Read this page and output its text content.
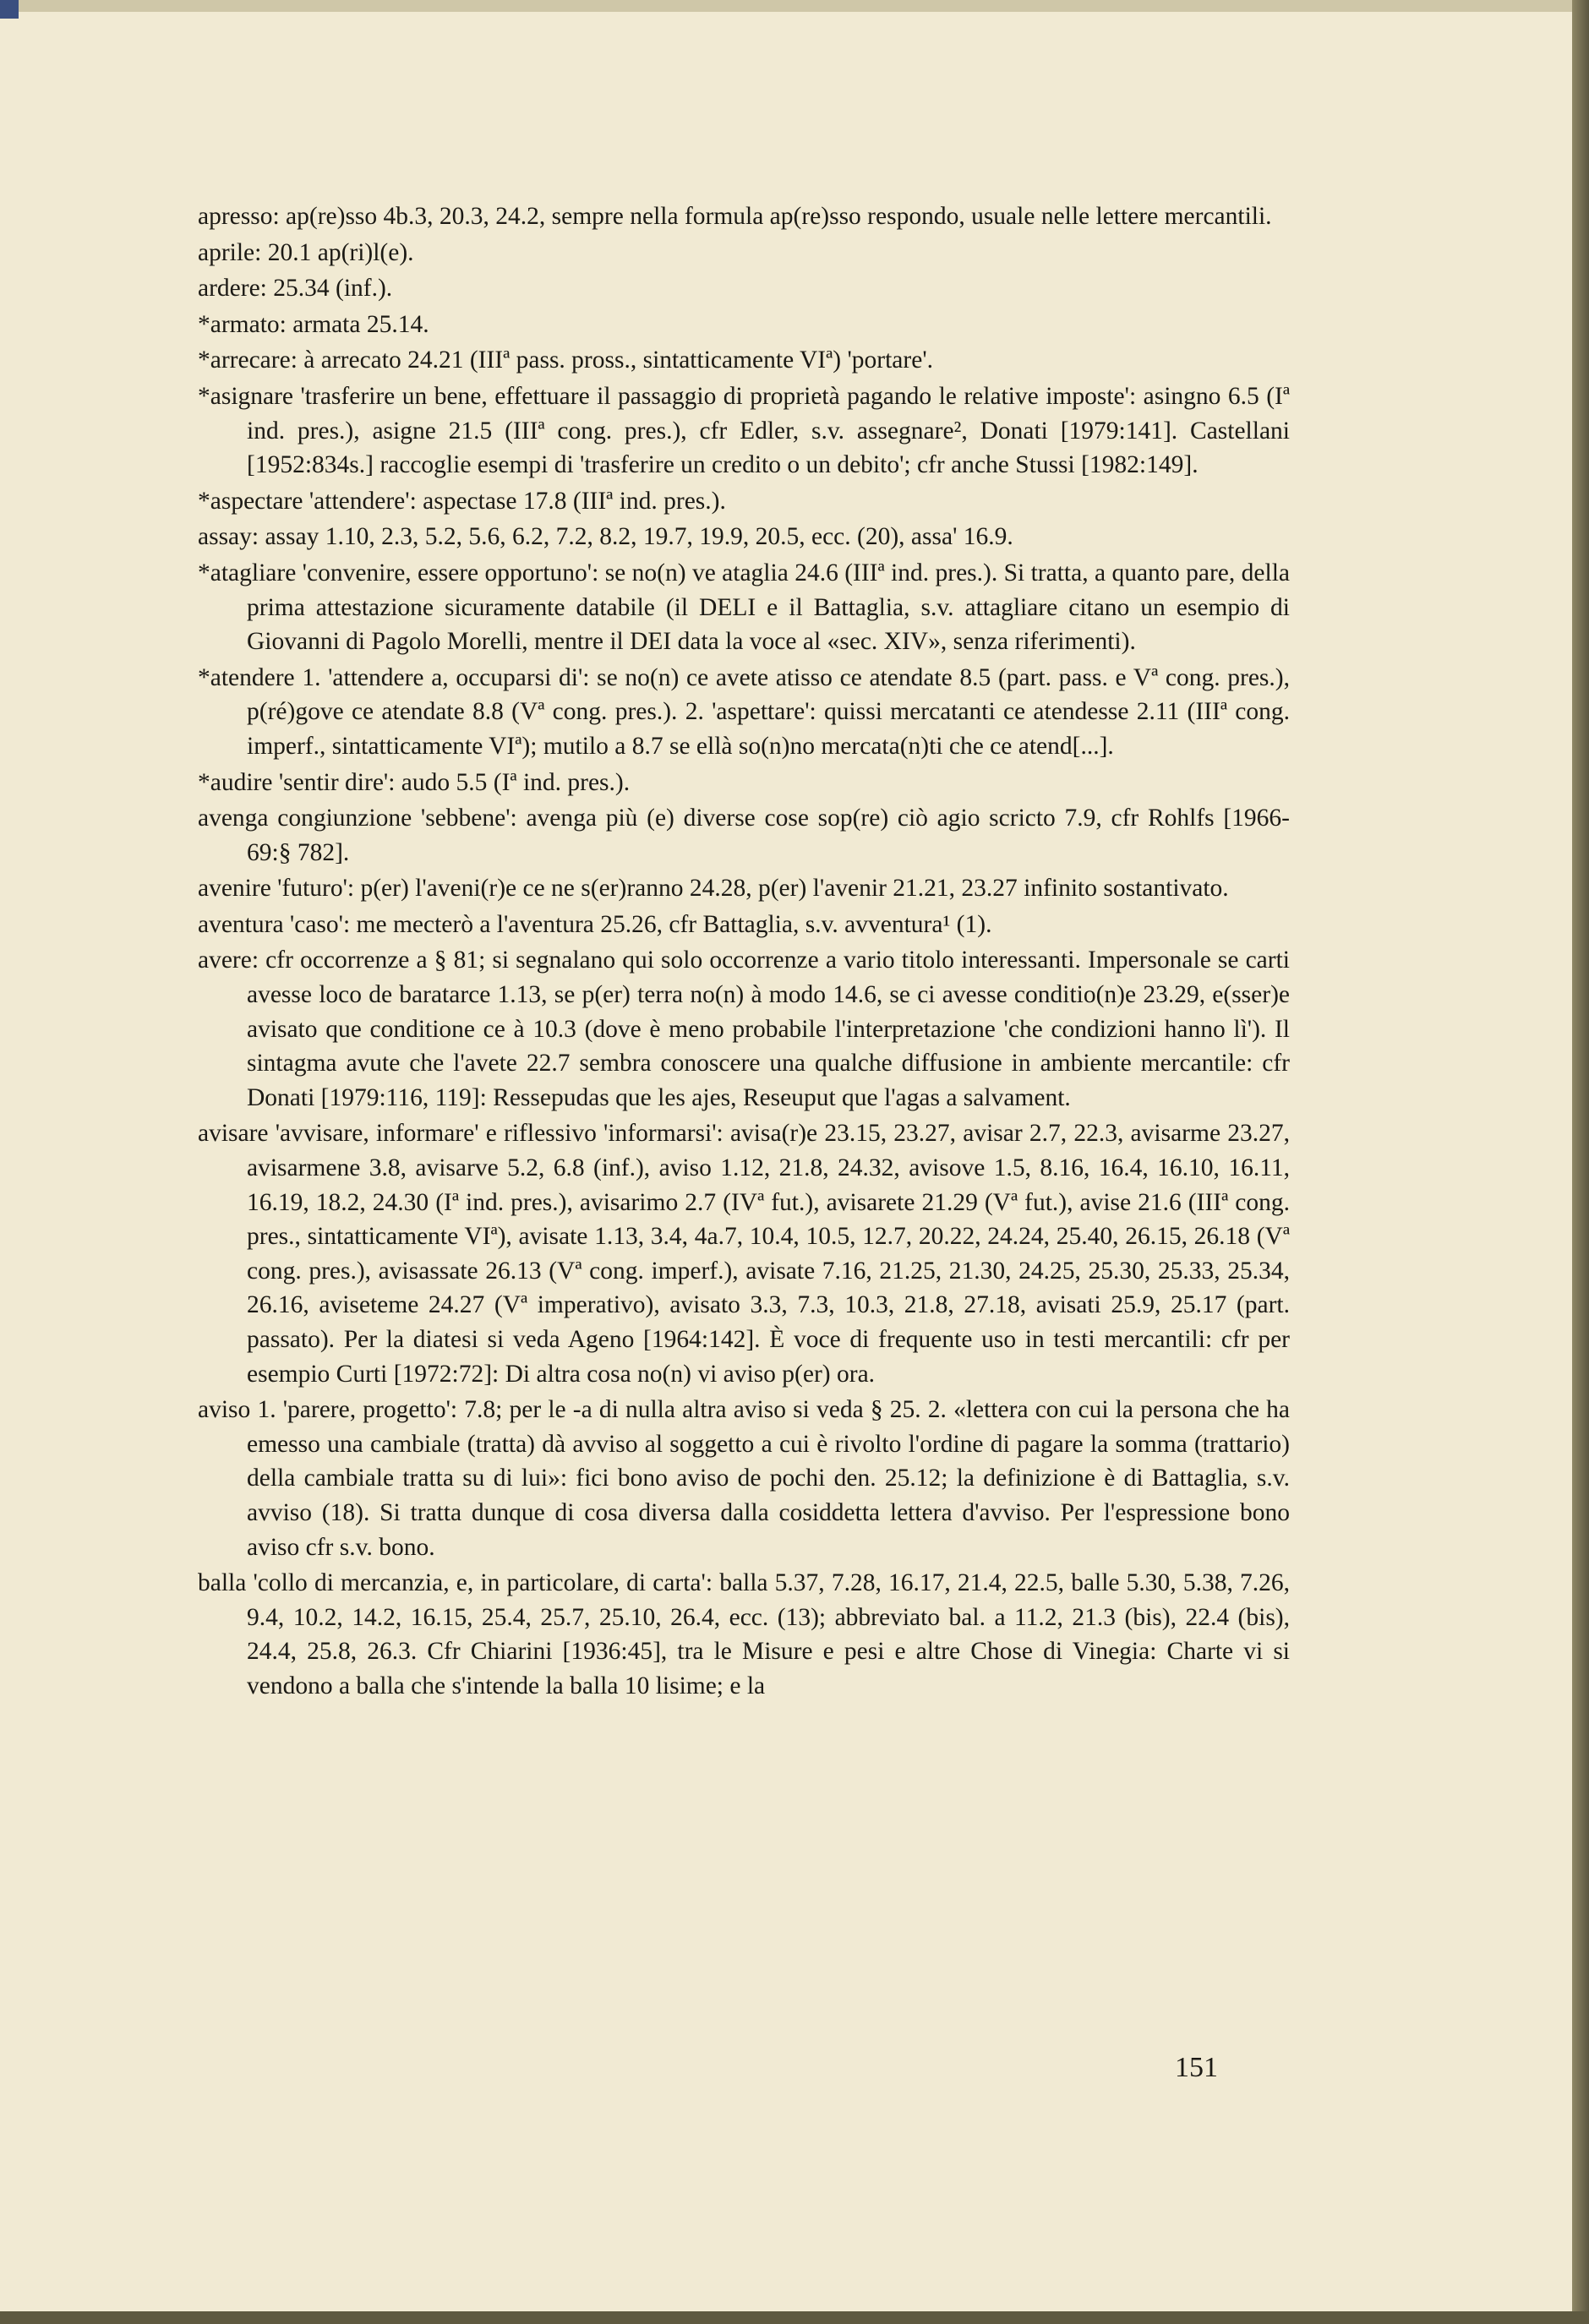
apresso: ap(re)sso 4b.3, 20.3, 24.2, sempre nella formula ap(re)sso respondo, usuale nelle lettere mercantili.

aprile: 20.1 ap(ri)l(e).

ardere: 25.34 (inf.).

*armato: armata 25.14.

*arrecare: à arrecato 24.21 (IIIª pass. pross., sintatticamente VIª) 'portare'.

*asignare 'trasferire un bene, effettuare il passaggio di proprietà pagando le relative imposte': asingno 6.5 (Iª ind. pres.), asigne 21.5 (IIIª cong. pres.), cfr Edler, s.v. assegnare², Donati [1979:141]. Castellani [1952:834s.] raccoglie esempi di 'trasferire un credito o un debito'; cfr anche Stussi [1982:149].

*aspectare 'attendere': aspectase 17.8 (IIIª ind. pres.).

assay: assay 1.10, 2.3, 5.2, 5.6, 6.2, 7.2, 8.2, 19.7, 19.9, 20.5, ecc. (20), assa' 16.9.

*atagliare 'convenire, essere opportuno': se no(n) ve ataglia 24.6 (IIIª ind. pres.). Si tratta, a quanto pare, della prima attestazione sicuramente databile (il DELI e il Battaglia, s.v. attagliare citano un esempio di Giovanni di Pagolo Morelli, mentre il DEI data la voce al «sec. XIV», senza riferimenti).

*atendere 1. 'attendere a, occuparsi di': se no(n) ce avete atisso ce atendate 8.5 (part. pass. e Vª cong. pres.), p(ré)gove ce atendate 8.8 (Vª cong. pres.). 2. 'aspettare': quissi mercatanti ce atendesse 2.11 (IIIª cong. imperf., sintatticamente VIª); mutilo a 8.7 se ellà so(n)no mercata(n)ti che ce atend[...].

*audire 'sentir dire': audo 5.5 (Iª ind. pres.).

avenga congiunzione 'sebbene': avenga più (e) diverse cose sop(re) ciò agio scricto 7.9, cfr Rohlfs [1966-69:§ 782].

avenire 'futuro': p(er) l'aveni(r)e ce ne s(er)ranno 24.28, p(er) l'avenir 21.21, 23.27 infinito sostantivato.

aventura 'caso': me mecterò a l'aventura 25.26, cfr Battaglia, s.v. avventura¹ (1).

avere: cfr occorrenze a § 81; si segnalano qui solo occorrenze a vario titolo interessanti. Impersonale se carti avesse loco de baratarce 1.13, se p(er) terra no(n) à modo 14.6, se ci avesse conditio(n)e 23.29, e(sser)e avisato que conditione ce à 10.3 (dove è meno probabile l'interpretazione 'che condizioni hanno lì'). Il sintagma avute che l'avete 22.7 sembra conoscere una qualche diffusione in ambiente mercantile: cfr Donati [1979:116, 119]: Ressepudas que les ajes, Reseuput que l'agas a salvament.

avisare 'avvisare, informare' e riflessivo 'informarsi': avisa(r)e 23.15, 23.27, avisar 2.7, 22.3, avisarme 23.27, avisarmene 3.8, avisarve 5.2, 6.8 (inf.), aviso 1.12, 21.8, 24.32, avisove 1.5, 8.16, 16.4, 16.10, 16.11, 16.19, 18.2, 24.30 (Iª ind. pres.), avisarimo 2.7 (IVª fut.), avisarete 21.29 (Vª fut.), avise 21.6 (IIIª cong. pres., sintatticamente VIª), avisate 1.13, 3.4, 4a.7, 10.4, 10.5, 12.7, 20.22, 24.24, 25.40, 26.15, 26.18 (Vª cong. pres.), avisassate 26.13 (Vª cong. imperf.), avisate 7.16, 21.25, 21.30, 24.25, 25.30, 25.33, 25.34, 26.16, aviseteme 24.27 (Vª imperativo), avisato 3.3, 7.3, 10.3, 21.8, 27.18, avisati 25.9, 25.17 (part. passato). Per la diatesi si veda Ageno [1964:142]. È voce di frequente uso in testi mercantili: cfr per esempio Curti [1972:72]: Di altra cosa no(n) vi aviso p(er) ora.

aviso 1. 'parere, progetto': 7.8; per le -a di nulla altra aviso si veda § 25. 2. «lettera con cui la persona che ha emesso una cambiale (tratta) dà avviso al soggetto a cui è rivolto l'ordine di pagare la somma (trattario) della cambiale tratta su di lui»: fici bono aviso de pochi den. 25.12; la definizione è di Battaglia, s.v. avviso (18). Si tratta dunque di cosa diversa dalla cosiddetta lettera d'avviso. Per l'espressione bono aviso cfr s.v. bono.

balla 'collo di mercanzia, e, in particolare, di carta': balla 5.37, 7.28, 16.17, 21.4, 22.5, balle 5.30, 5.38, 7.26, 9.4, 10.2, 14.2, 16.15, 25.4, 25.7, 25.10, 26.4, ecc. (13); abbreviato bal. a 11.2, 21.3 (bis), 22.4 (bis), 24.4, 25.8, 26.3. Cfr Chiarini [1936:45], tra le Misure e pesi e altre Chose di Vinegia: Charte vi si vendono a balla che s'intende la balla 10 lisime; e la

151
